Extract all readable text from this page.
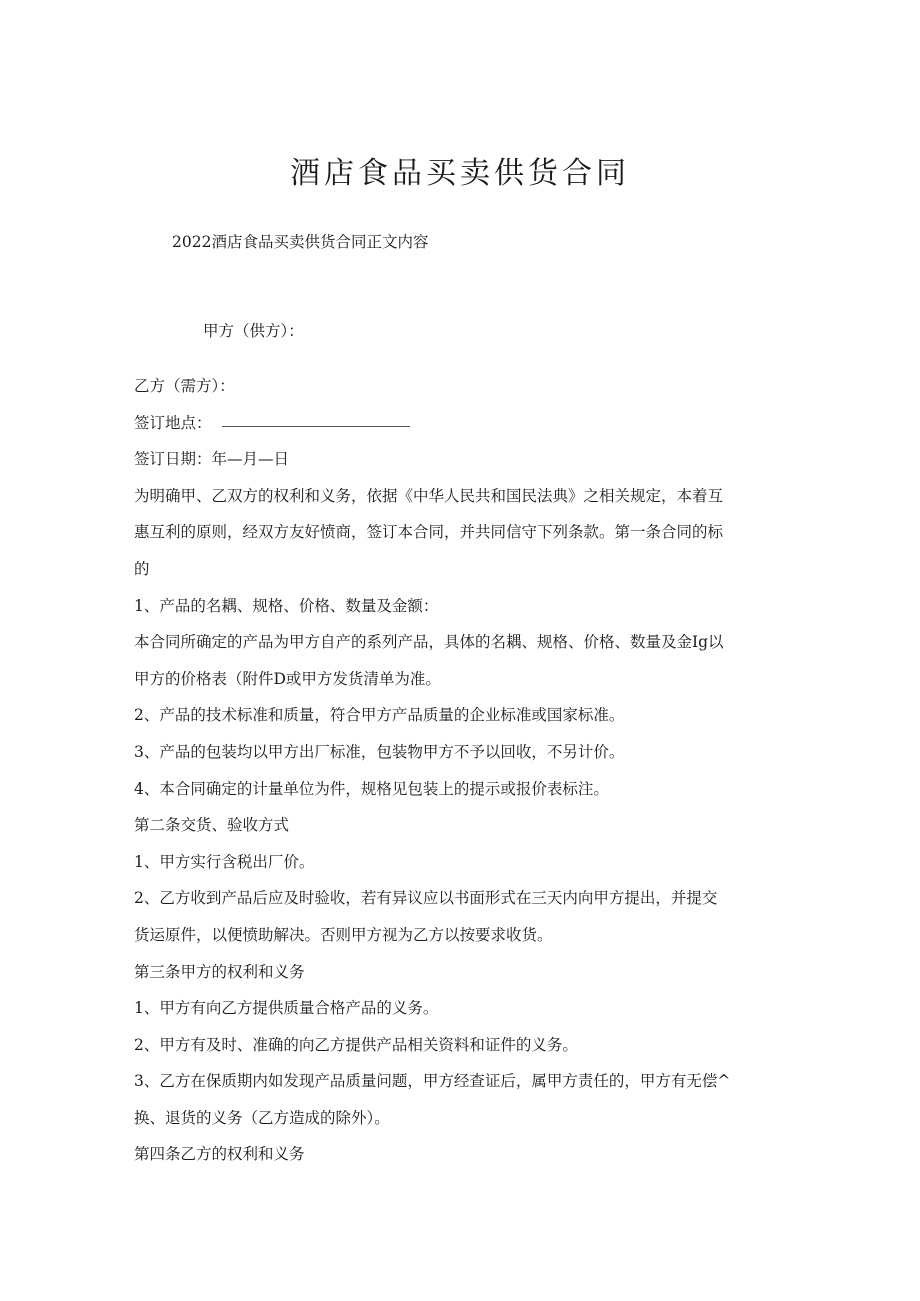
酒店食品买卖供货合同
2022酒店食品买卖供货合同正文内容
甲方（供方）：
乙方（需方）：
签订地点：
签订日期：年—月—日
为明确甲、乙双方的权利和义务，依据《中华人民共和国民法典》之相关规定，本着互
惠互利的原则，经双方友好愤商，签订本合同，并共同信守下列条款。第一条合同的标
的
1、产品的名耦、规格、价格、数量及金额：
本合同所确定的产品为甲方自产的系列产品，具体的名耦、规格、价格、数量及金Ig以
甲方的价格表（附件D或甲方发货清单为准。
2、产品的技术标准和质量，符合甲方产品质量的企业标准或国家标准。
3、产品的包装均以甲方出厂标准，包装物甲方不予以回收，不另计价。
4、本合同确定的计量单位为件，规格见包装上的提示或报价表标注。
第二条交货、验收方式
1、甲方实行含税出厂价。
2、乙方收到产品后应及时验收，若有异议应以书面形式在三天内向甲方提出，并提交
货运原件，以便愤助解决。否则甲方视为乙方以按要求收货。
第三条甲方的权利和义务
1、甲方有向乙方提供质量合格产品的义务。
2、甲方有及时、准确的向乙方提供产品相关资料和证件的义务。
3、乙方在保质期内如发现产品质量问题，甲方经查证后，属甲方责任的，甲方有无偿^
换、退货的义务（乙方造成的除外）。
第四条乙方的权利和义务
